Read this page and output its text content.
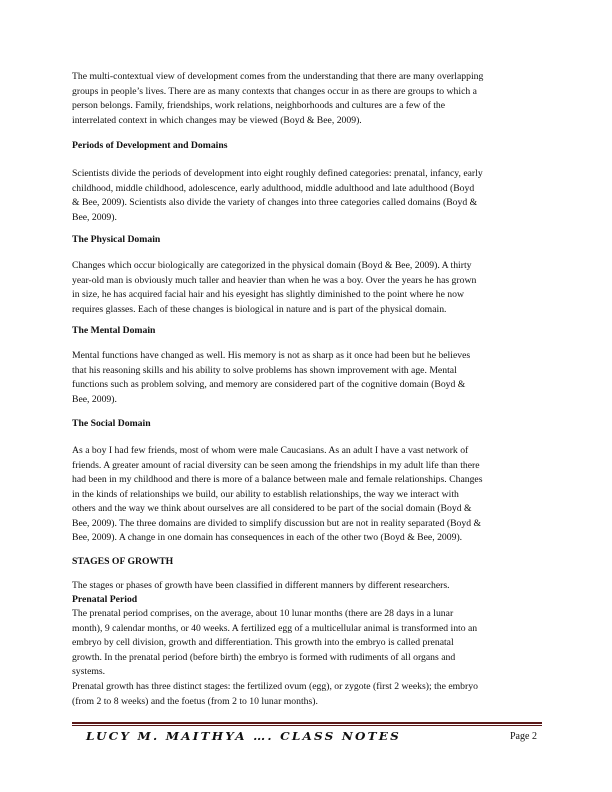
The multi-contextual view of development comes from the understanding that there are many overlapping
groups in people’s lives. There are as many contexts that changes occur in as there are groups to which a
person belongs. Family, friendships, work relations, neighborhoods and cultures are a few of the
interrelated context in which changes may be viewed (Boyd & Bee, 2009).
Periods of Development and Domains
Scientists divide the periods of development into eight roughly defined categories: prenatal, infancy, early
childhood, middle childhood, adolescence, early adulthood, middle adulthood and late adulthood (Boyd
& Bee, 2009). Scientists also divide the variety of changes into three categories called domains (Boyd &
Bee, 2009).
The Physical Domain
Changes which occur biologically are categorized in the physical domain (Boyd & Bee, 2009). A thirty
year-old man is obviously much taller and heavier than when he was a boy. Over the years he has grown
in size, he has acquired facial hair and his eyesight has slightly diminished to the point where he now
requires glasses. Each of these changes is biological in nature and is part of the physical domain.
The Mental Domain
Mental functions have changed as well. His memory is not as sharp as it once had been but he believes
that his reasoning skills and his ability to solve problems has shown improvement with age. Mental
functions such as problem solving, and memory are considered part of the cognitive domain (Boyd &
Bee, 2009).
The Social Domain
As a boy I had few friends, most of whom were male Caucasians. As an adult I have a vast network of
friends. A greater amount of racial diversity can be seen among the friendships in my adult life than there
had been in my childhood and there is more of a balance between male and female relationships. Changes
in the kinds of relationships we build, our ability to establish relationships, the way we interact with
others and the way we think about ourselves are all considered to be part of the social domain (Boyd &
Bee, 2009). The three domains are divided to simplify discussion but are not in reality separated (Boyd &
Bee, 2009). A change in one domain has consequences in each of the other two (Boyd & Bee, 2009).
STAGES OF GROWTH
The stages or phases of growth have been classified in different manners by different researchers.
Prenatal Period
The prenatal period comprises, on the average, about 10 lunar months (there are 28 days in a lunar
month), 9 calendar months, or 40 weeks. A fertilized egg of a multicellular animal is transformed into an
embryo by cell division, growth and differentiation. This growth into the embryo is called prenatal
growth. In the prenatal period (before birth) the embryo is formed with rudiments of all organs and
systems.
Prenatal growth has three distinct stages: the fertilized ovum (egg), or zygote (first 2 weeks); the embryo
(from 2 to 8 weeks) and the foetus (from 2 to 10 lunar months).
LUCY M. MAITHYA …. CLASS NOTES	Page 2
